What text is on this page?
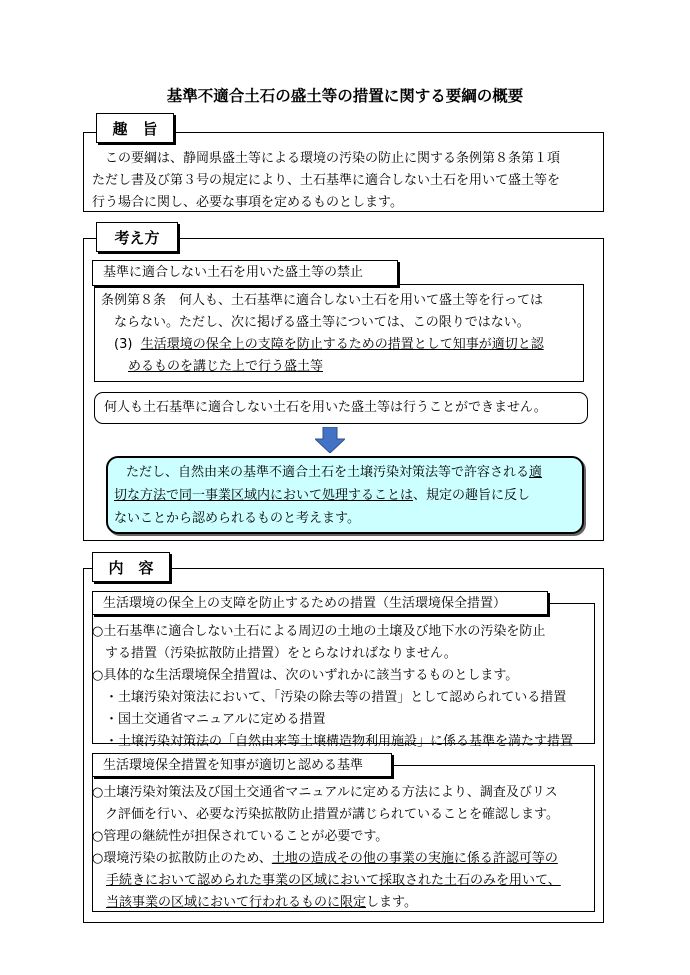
基準不適合土石の盛土等の措置に関する要綱の概要
趣　旨
　この要綱は、静岡県盛土等による環境の汚染の防止に関する条例第８条第１項
ただし書及び第３号の規定により、土石基準に適合しない土石を用いて盛土等を
行う場合に関し、必要な事項を定めるものとします。
考え方
基準に適合しない土石を用いた盛土等の禁止
条例第８条　何人も、土石基準に適合しない土石を用いて盛土等を行っては
ならない。ただし、次に掲げる盛土等については、この限りではない。
(3) 生活環境の保全上の支障を防止するための措置として知事が適切と認
めるものを講じた上で行う盛土等
何人も土石基準に適合しない土石を用いた盛土等は行うことができません。
ただし、自然由来の基準不適合土石を土壌汚染対策法等で許容される適
切な方法で同一事業区域内において処理することは、規定の趣旨に反し
ないことから認められるものと考えます。
内　容
生活環境の保全上の支障を防止するための措置（生活環境保全措置）
○土石基準に適合しない土石による周辺の土地の土壌及び地下水の汚染を防止
　する措置（汚染拡散防止措置）をとらなければなりません。
○具体的な生活環境保全措置は、次のいずれかに該当するものとします。
　・土壌汚染対策法において、「汚染の除去等の措置」として認められている措置
　・国土交通省マニュアルに定める措置
　・土壌汚染対策法の「自然由来等土壌構造物利用施設」に係る基準を満たす措置
生活環境保全措置を知事が適切と認める基準
○土壌汚染対策法及び国土交通省マニュアルに定める方法により、調査及びリス
　ク評価を行い、必要な汚染拡散防止措置が講じられていることを確認します。
○管理の継続性が担保されていることが必要です。
○環境汚染の拡散防止のため、土地の造成その他の事業の実施に係る許認可等の
手続きにおいて認められた事業の区域において採取された土石のみを用いて、
当該事業の区域において行われるものに限定します。
